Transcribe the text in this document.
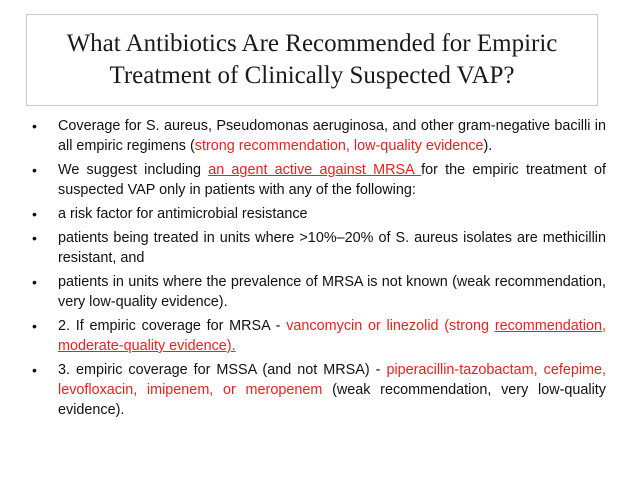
What Antibiotics Are Recommended for Empiric
Treatment of Clinically Suspected VAP?

• Coverage for S. aureus, Pseudomonas aeruginosa, and other gram-negative bacilli in all empiric regimens (strong recommendation, low-quality evidence).
• We suggest including an agent active against MRSA for the empiric treatment of suspected VAP only in patients with any of the following:
• a risk factor for antimicrobial resistance
• patients being treated in units where >10%–20% of S. aureus isolates are methicillin resistant, and
• patients in units where the prevalence of MRSA is not known (weak recommendation, very low-quality evidence).
• 2. If empiric coverage for MRSA - vancomycin or linezolid (strong recommendation, moderate-quality evidence).
• 3. empiric coverage for MSSA (and not MRSA) - piperacillin-tazobactam, cefepime, levofloxacin, imipenem, or meropenem (weak recommendation, very low-quality evidence).
